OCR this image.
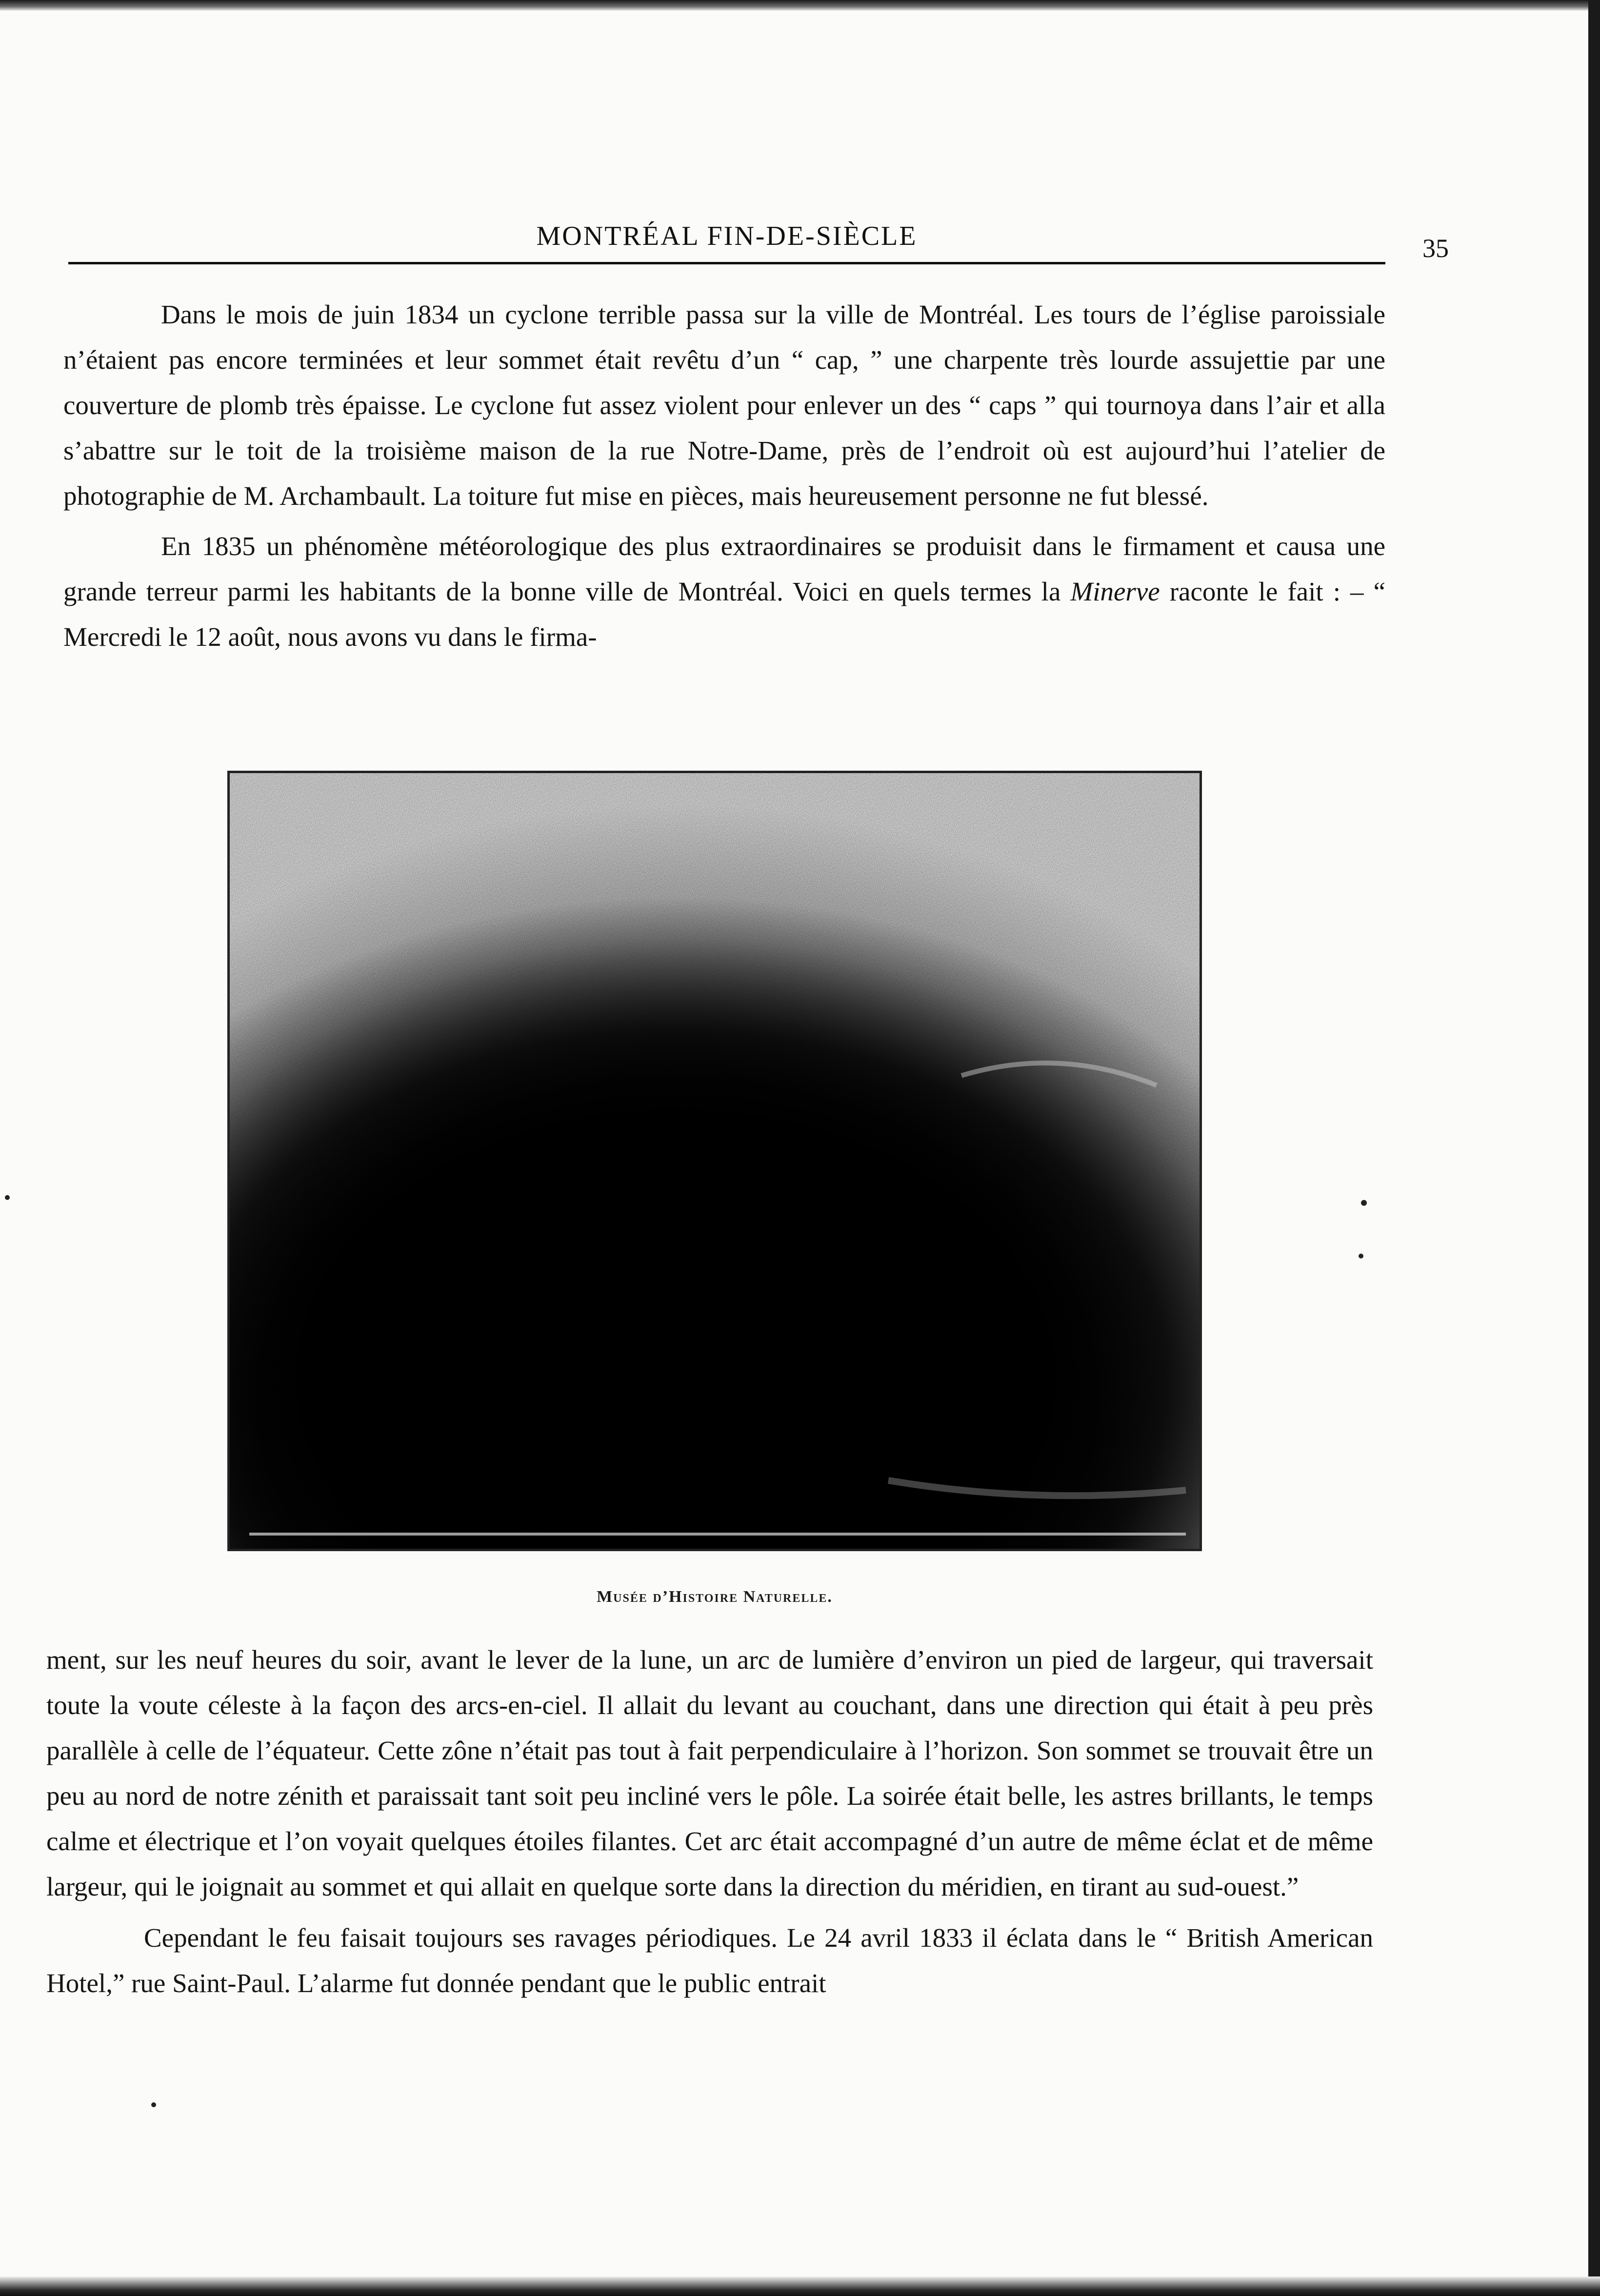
MONTRÉAL FIN-DE-SIÈCLE	35

Dans le mois de juin 1834 un cyclone terrible passa sur la ville de Montréal. Les tours de l’église paroissiale n’étaient pas encore terminées et leur sommet était revêtu d’un “ cap, ” une charpente très lourde assujettie par une couverture de plomb très épaisse. Le cyclone fut assez violent pour enlever un des “ caps ” qui tournoya dans l’air et alla s’abattre sur le toit de la troisième maison de la rue Notre-Dame, près de l’endroit où est aujourd’hui l’atelier de photographie de M. Archambault. La toiture fut mise en pièces, mais heureusement personne ne fut blessé.

En 1835 un phénomène météorologique des plus extraordinaires se produisit dans le firmament et causa une grande terreur parmi les habitants de la bonne ville de Montréal. Voici en quels termes la Minerve raconte le fait : – “ Mercredi le 12 août, nous avons vu dans le firma-

Musée d’Histoire Naturelle.

ment, sur les neuf heures du soir, avant le lever de la lune, un arc de lumière d’environ un pied de largeur, qui traversait toute la voute céleste à la façon des arcs-en-ciel. Il allait du levant au couchant, dans une direction qui était à peu près parallèle à celle de l’équateur. Cette zône n’était pas tout à fait perpendiculaire à l’horizon. Son sommet se trouvait être un peu au nord de notre zénith et paraissait tant soit peu incliné vers le pôle. La soirée était belle, les astres brillants, le temps calme et électrique et l’on voyait quelques étoiles filantes. Cet arc était accompagné d’un autre de même éclat et de même largeur, qui le joignait au sommet et qui allait en quelque sorte dans la direction du méridien, en tirant au sud-ouest.”

Cependant le feu faisait toujours ses ravages périodiques. Le 24 avril 1833 il éclata dans le “ British American Hotel,” rue Saint-Paul. L’alarme fut donnée pendant que le public entrait
